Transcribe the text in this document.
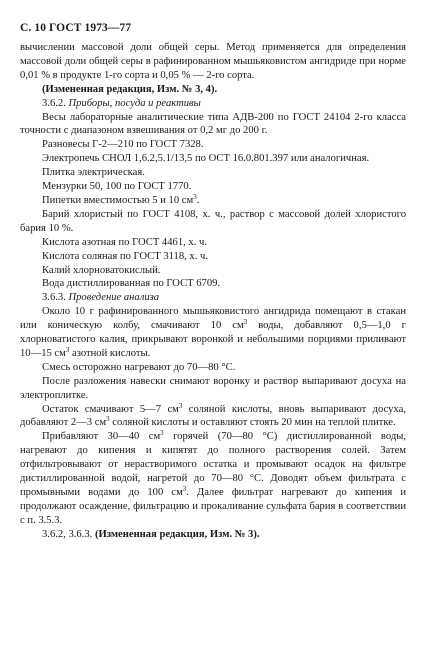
С. 10 ГОСТ 1973—77

вычислении массовой доли общей серы. Метод применяется для определения массовой доли общей серы в рафинированном мышьяковистом ангидриде при норме 0,01 % в продукте 1-го сорта и 0,05 % — 2-го сорта.

(Измененная редакция, Изм. № 3, 4).

3.6.2. Приборы, посуда и реактивы

Весы лабораторные аналитические типа АДВ-200 по ГОСТ 24104 2-го класса точности с диапазоном взвешивания от 0,2 мг до 200 г.

Разновесы Г-2—210 по ГОСТ 7328.

Электропечь СНОЛ 1,6.2,5.1/13,5 по ОСТ 16.0.801.397 или аналогичная.

Плитка электрическая.

Мензурки 50, 100 по ГОСТ 1770.

Пипетки вместимостью 5 и 10 $см^3$.

Барий хлористый по ГОСТ 4108, х. ч., раствор с массовой долей хлористого бария 10 %.

Кислота азотная по ГОСТ 4461, х. ч.

Кислота соляная по ГОСТ 3118, х. ч.

Калий хлорноватокислый.

Вода дистиллированная по ГОСТ 6709.

3.6.3. Проведение анализа

Около 10 г рафинированного мышьяковистого ангидрида помещают в стакан или коническую колбу, смачивают 10 $см^3$ воды, добавляют 0,5—1,0 г хлорноватистого калия, прикрывают воронкой и небольшими порциями приливают 10—15 $см^3$ азотной кислоты.

Смесь осторожно нагревают до 70—80 °С.

После разложения навески снимают воронку и раствор выпаривают досуха на электроплитке.

Остаток смачивают 5—7 $см^3$ соляной кислоты, вновь выпаривают досуха, добавляют 2—3 $см^3$ соляной кислоты и оставляют стоять 20 мин на теплой плитке.

Прибавляют 30—40 $см^3$ горячей (70—80 °С) дистиллированной воды, нагревают до кипения и кипятят до полного растворения солей. Затем отфильтровывают от нерастворимого остатка и промывают осадок на фильтре дистиллированной водой, нагретой до 70—80 °С. Доводят объем фильтрата с промывными водами до 100 $см^3$. Далее фильтрат нагревают до кипения и продолжают осаждение, фильтрацию и прокаливание сульфата бария в соответствии с п. 3.5.3.

3.6.2, 3.6.3. (Измененная редакция, Изм. № 3).
